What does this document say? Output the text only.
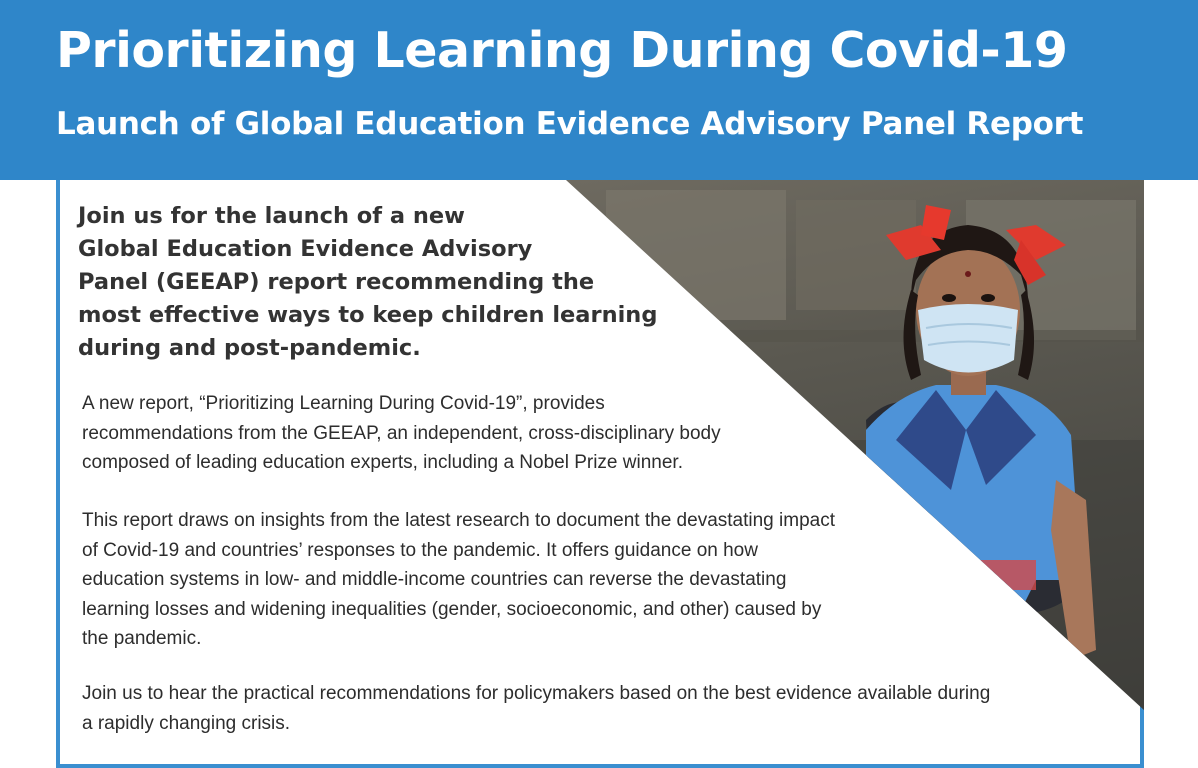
Prioritizing Learning During Covid-19
Launch of Global Education Evidence Advisory Panel Report
Join us for the launch of a new
Global Education Evidence Advisory
Panel (GEEAP) report recommending the
most effective ways to keep children learning
during and post-pandemic.
A new report, “Prioritizing Learning During Covid-19”, provides
recommendations from the GEEAP, an independent, cross-disciplinary body
composed of leading education experts, including a Nobel Prize winner.
This report draws on insights from the latest research to document the devastating impact
of Covid-19 and countries’ responses to the pandemic. It offers guidance on how
education systems in low- and middle-income countries can reverse the devastating
learning losses and widening inequalities (gender, socioeconomic, and other) caused by
the pandemic.
Join us to hear the practical recommendations for policymakers based on the best evidence available during
a rapidly changing crisis.
